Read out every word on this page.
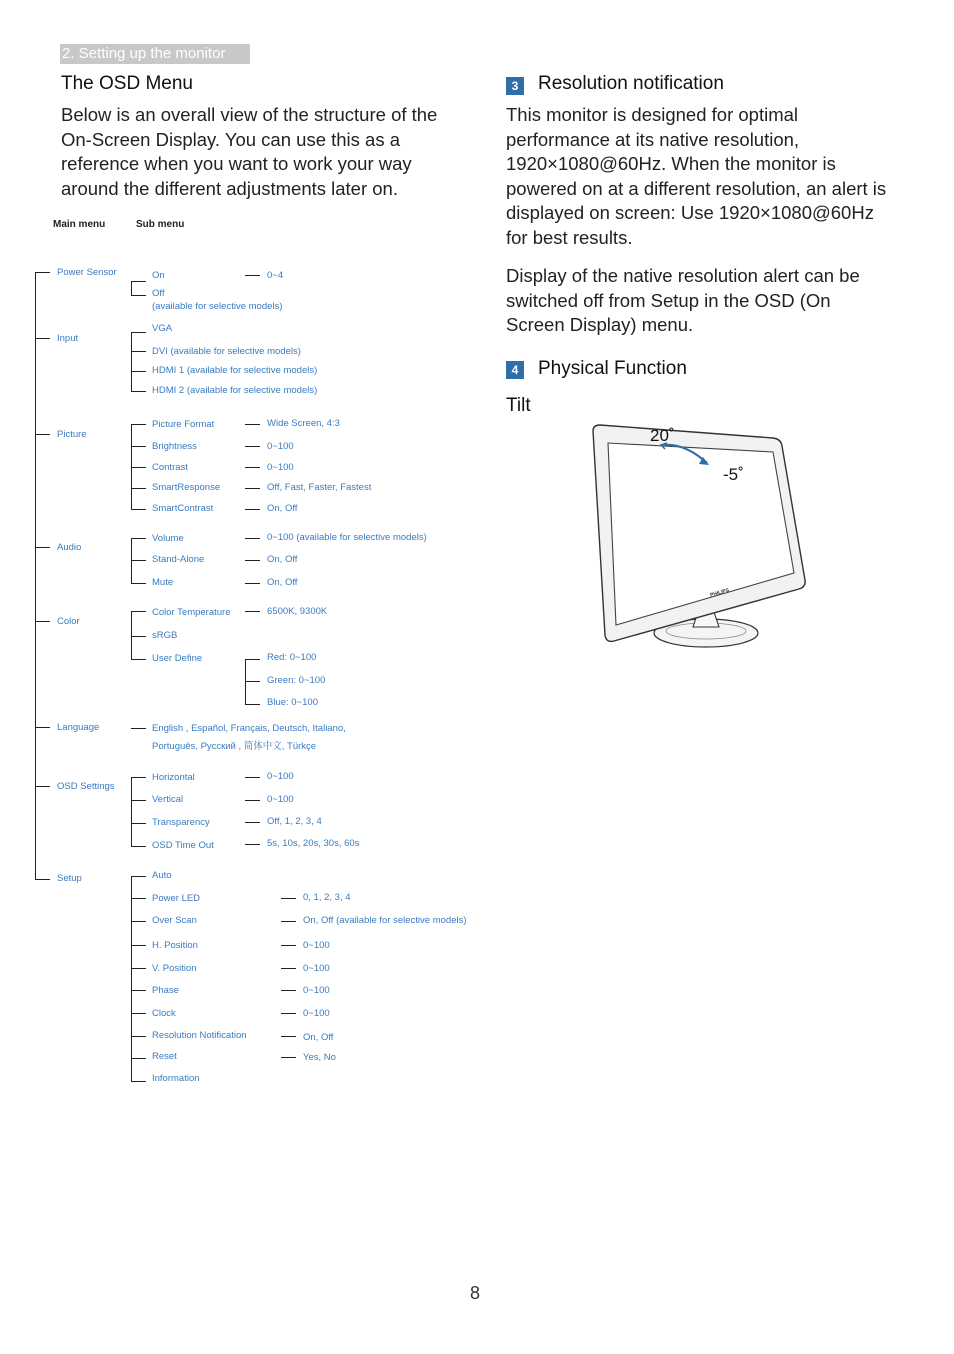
2. Setting up the monitor
The OSD Menu
Below is an overall view of the structure of the On-Screen Display. You can use this as a reference when you want to work your way around the different adjustments later on.
Main menu	Sub menu
Power Sensor
Input
Picture
Audio
Color
Language
OSD Settings
Setup
On	0~4
Off
(available for selective models)
VGA
DVI (available for selective models)
HDMI 1 (available for selective models)
HDMI 2 (available for selective models)
Picture Format
Brightness
Contrast
SmartResponse
SmartContrast
Wide Screen, 4:3
0~100
0~100
Off, Fast, Faster, Fastest
On, Off
Volume
Stand-Alone
Mute
0~100 (available for selective models)
On, Off
On, Off
Color Temperature
sRGB
User Define
6500K, 9300K
Red: 0~100
Green: 0~100
Blue: 0~100
English , Español, Français, Deutsch, Italiano,
Português, Русский , 简体中文, Türkçe
Horizontal
Vertical
Transparency
OSD Time Out
0~100
0~100
Off, 1, 2, 3, 4
5s, 10s, 20s, 30s, 60s
Auto
Power LED
Over Scan
H. Position
V. Position
Phase
Clock
Resolution Notification
Reset
Information
0, 1, 2, 3, 4
On, Off (available for selective models)
0~100
0~100
0~100
0~100
On, Off
Yes, No
3 Resolution notification
This monitor is designed for optimal performance at its native resolution, 1920×1080@60Hz. When the monitor is powered on at a different resolution, an alert is displayed on screen: Use 1920×1080@60Hz for best results.
Display of the native resolution alert can be switched off from Setup in the OSD (On Screen Display) menu.
4 Physical Function
Tilt
20˚
-5˚
PHILIPS
8
